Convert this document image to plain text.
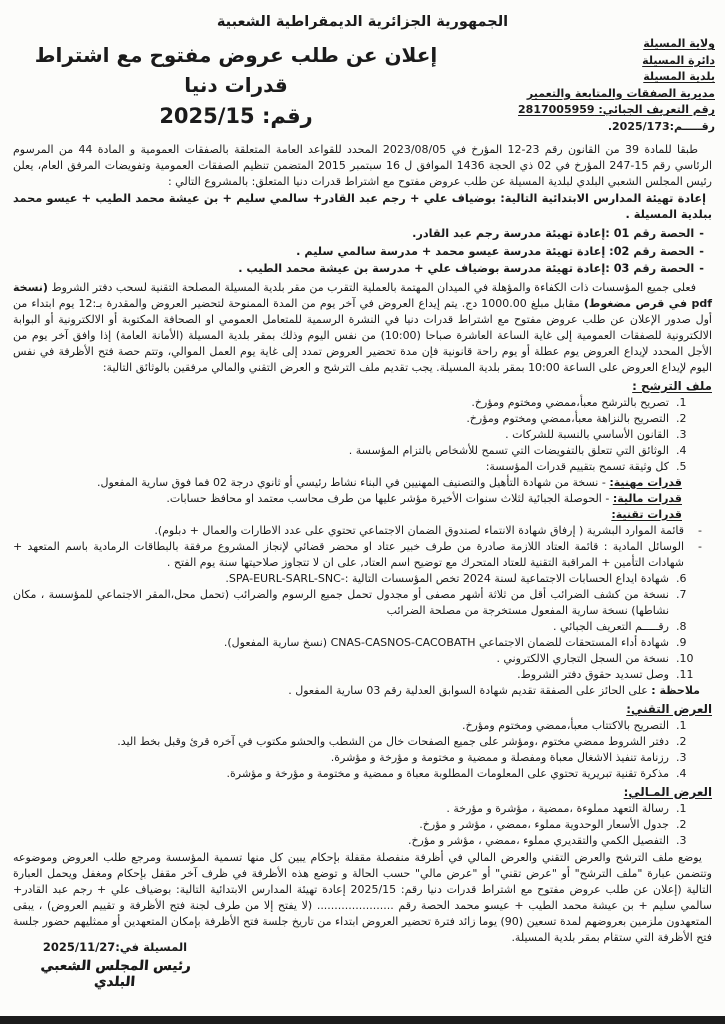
الجمهورية الجزائرية الديمقراطية الشعبية
ولاية المسيلة
دائرة المسيلة
بلدية المسيلة
مديرية الصفقات والمتابعة والتعمير
رقم التعريف الجبائي: 2817005959
رقـــــم:2025/173.
إعلان عن طلب عروض مفتوح مع اشتراط قدرات دنيا
رقم: 2025/15

طبقا للمادة 39 من القانون رقم 23-12 المؤرخ في 2023/08/05 المحدد للقواعد العامة المتعلقة بالصفقات العمومية و المادة 44 من المرسوم الرئاسي رقم 15-247 المؤرخ في 02 ذي الحجة 1436 الموافق ل 16 سبتمبر 2015 المتضمن تنظيم الصفقات العمومية وتفويضات المرفق العام، يعلن رئيس المجلس الشعبي البلدي لبلدية المسيلة عن طلب عروض مفتوح مع اشتراط قدرات دنيا المتعلق: بالمشروع التالي :

إعادة تهيئة المدارس الابتدائية التالية: بوضياف علي + رجم عبد القادر+ سالمي سليم + بن عيشة محمد الطيب + عيسو محمد ببلدية المسيلة .

-
الحصة رقم 01 :إعادة تهيئة مدرسة رجم عبد القادر.
-
الحصة رقم 02: إعادة تهيئة مدرسة عيسو محمد + مدرسة سالمي سليم .
-
الحصة رقم 03 :إعادة تهيئة مدرسة بوضياف علي + مدرسة بن عيشة محمد الطيب .

فعلى جميع المؤسسات ذات الكفاءة والمؤهلة في الميدان المهتمة بالعملية التقرب من مقر بلدية المسيلة المصلحة التقنية لسحب دفتر الشروط (نسخة pdf في قرص مضغوط) مقابل مبلغ 1000.00 دج. يتم إيداع العروض في آخر يوم من المدة الممنوحة لتحضير العروض والمقدرة بـ:12 يوم ابتداء من أول صدور الإعلان عن طلب عروض مفتوح مع اشتراط قدرات دنيا في النشرة الرسمية للمتعامل العمومي او الصحافة المكتوبة أو الالكترونية أو البوابة الالكترونية للصفقات العمومية إلى غاية الساعة العاشرة صباحا (10:00) من نفس اليوم وذلك بمقر بلدية المسيلة (الأمانة العامة) إذا وافق آخر يوم من الأجل المحدد لإيداع العروض يوم عطلة أو يوم راحة قانونية فإن مدة تحضير العروض تمدد إلى غاية يوم العمل الموالي، وتتم حصة فتح الأظرفة في نفس اليوم لإيداع العروض على الساعة 10:00 بمقر بلدية المسيلة. يجب تقديم ملف الترشح و العرض التقني والمالي مرفقين بالوثائق التالية:

ملف الترشح :
1.
تصريح بالترشح معبأ،ممضي ومختوم ومؤرخ.
2.
التصريح بالنزاهة معبأ،ممضي ومختوم ومؤرخ.
3.
القانون الأساسي بالنسبة للشركات .
4.
الوثائق التي تتعلق بالتفويضات التي تسمح للأشخاص بالتزام المؤسسة .
5.
كل وثيقة تسمح بتقييم قدرات المؤسسة:
قدرات مهنية: - نسخة من شهادة التأهيل والتصنيف المهنيين في البناء نشاط رئيسي أو ثانوي درجة 02 فما فوق سارية المفعول.
قدرات مالية: - الحوصلة الجبائية لثلاث سنوات الأخيرة مؤشر عليها من طرف محاسب معتمد او محافظ حسابات.
قدرات تقنية:
-
قائمة الموارد البشرية ( إرفاق شهادة الانتماء لصندوق الضمان الاجتماعي تحتوي على عدد الاطارات والعمال + دبلوم).
-
الوسائل المادية : قائمة العتاد اللازمة صادرة من طرف خبير عتاد او محضر قضائي لإنجاز المشروع مرفقة بالبطاقات الرمادية باسم المتعهد + شهادات التأمين + المراقبة التقنية للعتاد المتحرك مع توضيح اسم العتاد, على ان لا تتجاوز صلاحيتها سنة يوم الفتح .
6.
شهادة ايداع الحسابات الاجتماعية لسنة 2024 تخص المؤسسات التالية :-SPA-EURL-SARL-SNC.
7.
نسخة من كشف الضرائب أقل من ثلاثة أشهر مصفى أو مجدول تحمل جميع الرسوم والضرائب (تحمل محل،المقر الاجتماعي للمؤسسة ، مكان نشاطها) نسخة سارية المفعول مستخرجة من مصلحة الضرائب
8.
رقـــــم التعريف الجبائي .
9.
شهادة أداء المستحقات للضمان الاجتماعي CNAS-CASNOS-CACOBATH (نسخ سارية المفعول).
10.
نسخة من السجل التجاري الالكتروني .
11.
وصل تسديد حقوق دفتر الشروط.
ملاحظة : على الحائز على الصفقة تقديم شهادة السوابق العدلية رقم 03 سارية المفعول .
العرض التقني:
1.
التصريح بالاكتتاب معبأ،ممضي ومختوم ومؤرخ.
2.
دفتر الشروط ممضي مختوم ،ومؤشر على جميع الصفحات خال من الشطب والحشو مكتوب في آخره قرئ وقبل بخط اليد.
3.
رزنامة تنفيذ الاشغال معباة ومفصلة و ممضية و مختومة و مؤرخة و مؤشرة.
4.
مذكرة تقنية تبريرية تحتوي على المعلومات المطلوبة معباة و ممضية و مختومة و مؤرخة و مؤشرة.
العرض المـالي:
1.
رسالة التعهد مملوءة ،ممضية ، مؤشرة و مؤرخة .
2.
جدول الأسعار الوحدوية مملوء ،ممضي ، مؤشر و مؤرخ.
3.
التفصيل الكمي والتقديري مملوء ،ممضي ، مؤشر و مؤرخ.

يوضع ملف الترشح والعرض التقني والعرض المالي في أظرفة منفصلة مقفلة بإحكام يبين كل منها تسمية المؤسسة ومرجع طلب العروض وموضوعه وتتضمن عبارة "ملف الترشح" أو "عرض تقني" أو "عرض مالي" حسب الحالة و توضع هذه الأظرفة في ظرف آخر مقفل بإحكام ومغفل ويحمل العبارة التالية (إعلان عن طلب عروض مفتوح مع اشتراط قدرات دنيا رقم: 2025/15 إعادة تهيئة المدارس الابتدائية التالية: بوضياف علي + رجم عبد القادر+ سالمي سليم + بن عيشة محمد الطيب + عيسو محمد الحصة رقم ...................... (لا يفتح إلا من طرف لجنة فتح الأظرفة و تقييم العروض) ، يبقى المتعهدون ملزمين بعروضهم لمدة تسعين (90) يوما زائد فترة تحضير العروض ابتداء من تاريخ جلسة فتح الأظرفة بإمكان المتعهدين أو ممثليهم حضور جلسة فتح الأظرفة التي ستقام بمقر بلدية المسيلة.

المسيلة في:2025/11/27
رئيس المجلس الشعبي البلدي
